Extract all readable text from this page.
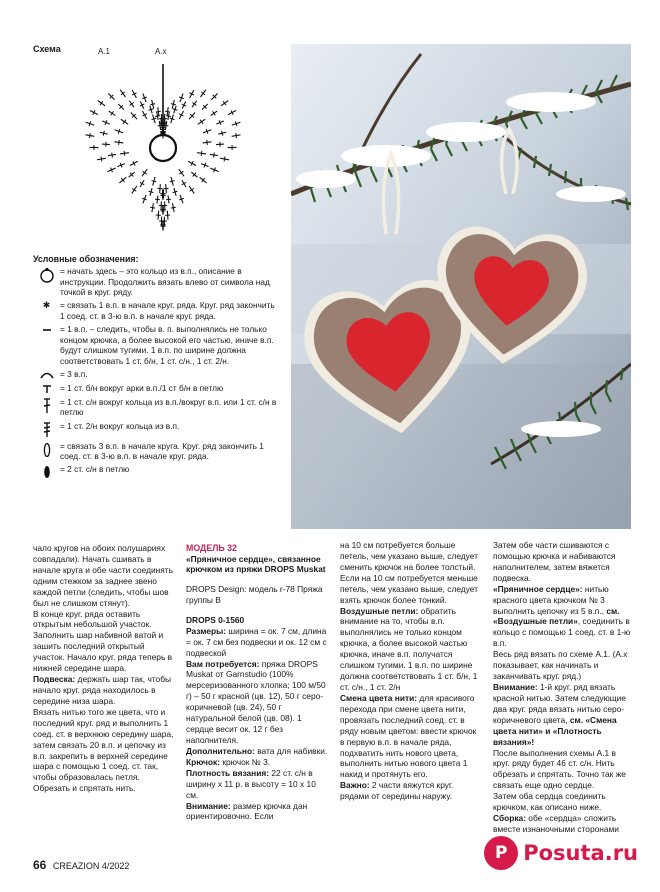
Схема	A.1	A.x
Условные обозначения:
= начать здесь – это кольцо из в.п., описание в инструкции. Продолжить вязать влево от символа над точкой в круг. ряду.
✱	= связать 1 в.п. в начале круг. ряда. Круг. ряд закончить 1 соед. ст. в 3-ю в.п. в начале круг. ряда.
= 1 в.п. – следить, чтобы в. п. выполнялись не только концом крючка, а более высокой его частью, иначе в.п. будут слишком тугими. 1 в.п. по ширине должна соответствовать 1 ст. б/н, 1 ст. с/н., 1 ст. 2/н.
= 3 в.п.
= 1 ст. б/н вокруг арки в.п./1 ст б/н в петлю
= 1 ст. с/н вокруг кольца из в.п./вокруг в.п. или 1 ст. с/н в петлю
= 1 ст. 2/н вокруг кольца из в.п.
= связать 3 в.п. в начале круга. Круг. ряд закончить 1 соед. ст. в 3-ю в.п. в начале круг. ряда.
= 2 ст. с/н в петлю

чало кругов на обоих полушариях совпадали). Начать сшивать в начале круга и обе части соединять одним стежком за заднее звено каждой петли (следить, чтобы шов был не слишком стянут).

В конце круг. ряда оставить открытым небольшой участок. Заполнить шар набивной ватой и зашить последний открытый участок. Начало круг. ряда теперь в нижней середине шара.

Подвеска: держать шар так, чтобы начало круг. ряда находилось в середине низа шара.

Вязать нитью того же цвета, что и последний круг. ряд и выполнить 1 соед. ст. в верхнюю середину шара, затем связать 20 в.п. и цепочку из в.п. закрепить в верхней середине шара с помощью 1 соед. ст. так, чтобы образовалась петля.

Обрезать и спрятать нить.

МОДЕЛЬ 32
«Пряничное сердце», связанное крючком из пряжи DROPS Muskat

DROPS Design: модель r-78 Пряжа группы B

DROPS 0-1560

Размеры: ширина = ок. 7 см, длина = ок. 7 см без подвески и ок. 12 см с подвеской

Вам потребуется: пряжа DROPS Muskat от Garnstudio (100% мерсеризованного хлопка; 100 м/50 г) – 50 г красной (цв. 12), 50 г серо-коричневой (цв. 24), 50 г натуральной белой (цв. 08). 1 сердце весит ок. 12 г без наполнителя.

Дополнительно: вата для набивки.

Крючок: крючок № 3.

Плотность вязания: 22 ст. с/н в ширину x 11 р. в высоту = 10 x 10 см.

Внимание: размер крючка дан ориентировочно. Если

на 10 см потребуется больше петель, чем указано выше, следует сменить крючок на более толстый. Если на 10 см потребуется меньше петель, чем указано выше, следует взять крючок более тонкий.

Воздушные петли: обратить внимание на то, чтобы в.п. выполнялись не только концом крючка, а более высокой частью крючка, иначе в.п. получатся слишком тугими. 1 в.п. по ширине должна соответствовать 1 ст. б/н, 1 ст. с/н., 1 ст. 2/н

Смена цвета нити: для красивого перехода при смене цвета нити, провязать последний соед. ст. в ряду новым цветом: ввести крючок в первую в.п. в начале ряда, подхватить нить нового цвета, выполнить нитью нового цвета 1 накид и протянуть его.

Важно: 2 части вяжутся круг. рядами от середины наружу.

Затем обе части сшиваются с помощью крючка и набиваются наполнителем, затем вяжется подвеска.

«Пряничное сердце»: нитью красного цвета крючком № 3 выполнить цепочку из 5 в.п., см. «Воздушные петли», соединить в кольцо с помощью 1 соед. ст. в 1-ю в.п.

Весь ряд вязать по схеме А.1. (А.х показывает, как начинать и заканчивать круг. ряд.)

Внимание: 1-й круг. ряд вязать красной нитью. Затем следующие два круг. ряда вязать нитью серо-коричневого цвета, см. «Смена цвета нити» и «Плотность вязания»!

После выполнения схемы А.1 в круг. ряду будет 46 ст. с/н. Нить обрезать и спрятать. Точно так же связать еще одно сердце.

Затем оба сердца соединить крючком, как описано ниже.

Сборка: обе «сердца» сложить вместе изнаночными сторонами

66 CREAZION 4/2022
P Posuta.ru
